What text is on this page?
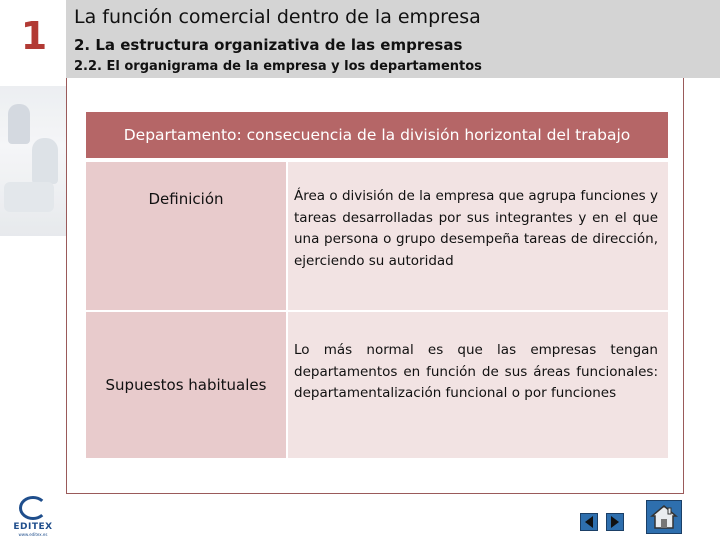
1
EDITEX
www.editex.es
La función comercial dentro de la empresa
2. La estructura organizativa de las empresas
2.2. El organigrama de la empresa y los departamentos
Departamento: consecuencia de la división horizontal del trabajo
Definición	Área o división de la empresa que agrupa funciones y tareas desarrolladas por sus integrantes y en el que una persona o grupo desempeña tareas de dirección, ejerciendo su autoridad
Supuestos habituales
Lo más normal es que las empresas tengan departamentos en función de sus áreas funcionales: departamentalización funcional o por funciones
